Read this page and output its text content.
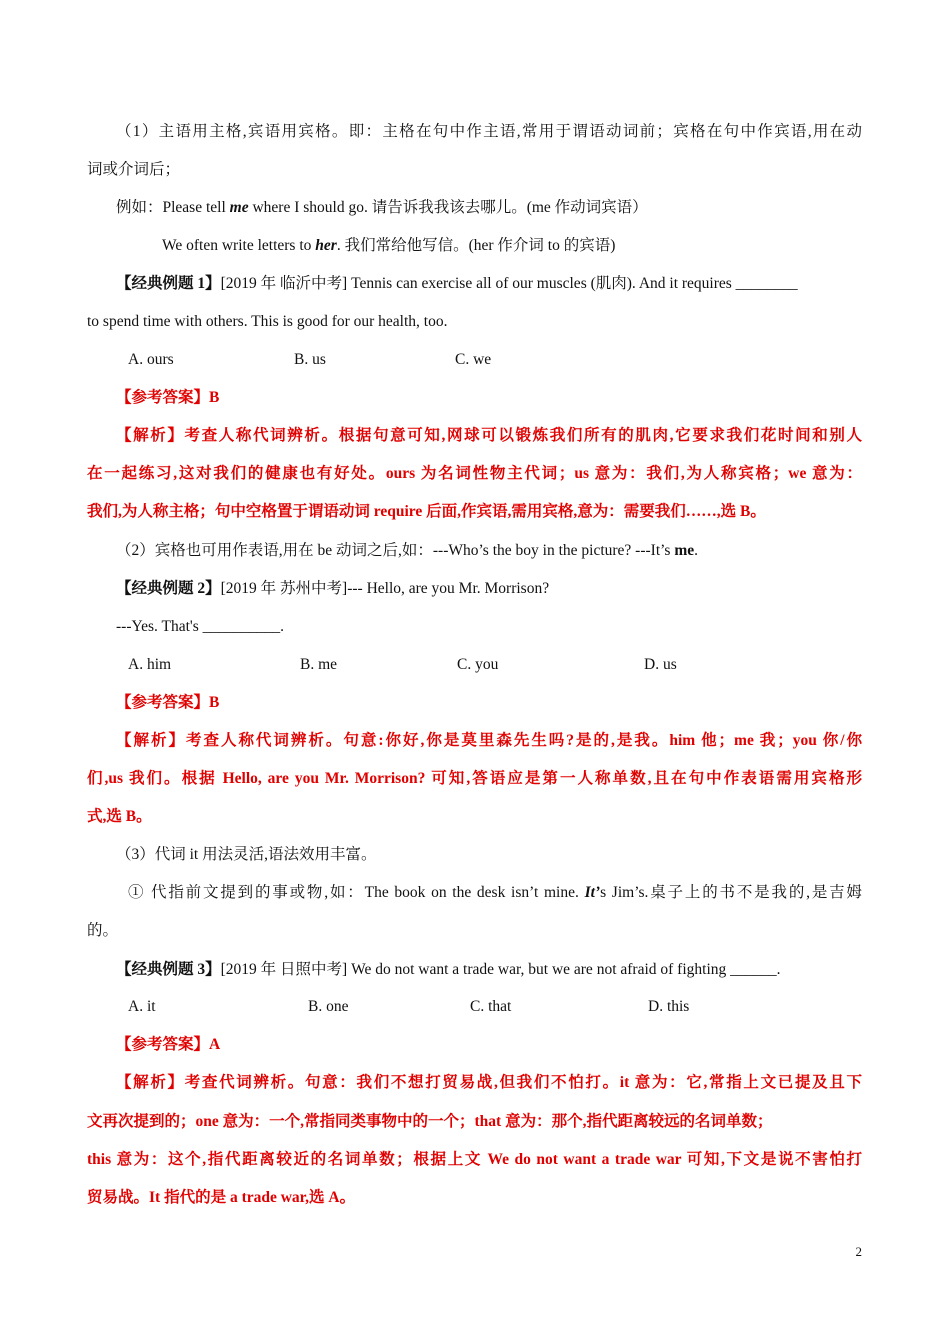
（1）主语用主格,宾语用宾格。即：主格在句中作主语,常用于谓语动词前；宾格在句中作宾语,用在动
词或介词后；
例如：Please tell me where I should go. 请告诉我我该去哪儿。(me 作动词宾语）
We often write letters to her. 我们常给他写信。(her 作介词 to 的宾语)
【经典例题 1】[2019 年 临沂中考] Tennis can exercise all of our muscles (肌肉). And it requires ________
to spend time with others. This is good for our health, too.
A. ours	B. us	C. we
【参考答案】B
【解析】考查人称代词辨析。根据句意可知,网球可以锻炼我们所有的肌肉,它要求我们花时间和别人
在一起练习,这对我们的健康也有好处。ours 为名词性物主代词；us 意为：我们,为人称宾格；we 意为：
我们,为人称主格；句中空格置于谓语动词 require 后面,作宾语,需用宾格,意为：需要我们……,选 B。
（2）宾格也可用作表语,用在 be 动词之后,如：---Who’s the boy in the picture? ---It’s me.
【经典例题 2】[2019 年 苏州中考]--- Hello, are you Mr. Morrison?
---Yes. That's __________.
A. him	B. me	C. you	D. us
【参考答案】B
【解析】考查人称代词辨析。句意:你好,你是莫里森先生吗?是的,是我。him 他；me 我；you 你/你
们,us 我们。根据 Hello, are you Mr. Morrison? 可知,答语应是第一人称单数,且在句中作表语需用宾格形
式,选 B。
（3）代词 it 用法灵活,语法效用丰富。
① 代指前文提到的事或物,如：The book on the desk isn’t mine. It’s Jim’s.桌子上的书不是我的,是吉姆
的。
【经典例题 3】[2019 年 日照中考] We do not want a trade war, but we are not afraid of fighting ______.
A. it	B. one	C. that	D. this
【参考答案】A
【解析】考查代词辨析。句意：我们不想打贸易战,但我们不怕打。it 意为：它,常指上文已提及且下
文再次提到的；one 意为：一个,常指同类事物中的一个；that 意为：那个,指代距离较远的名词单数；
this 意为：这个,指代距离较近的名词单数；根据上文 We do not want a trade war 可知,下文是说不害怕打
贸易战。It 指代的是 a trade war,选 A。
2
